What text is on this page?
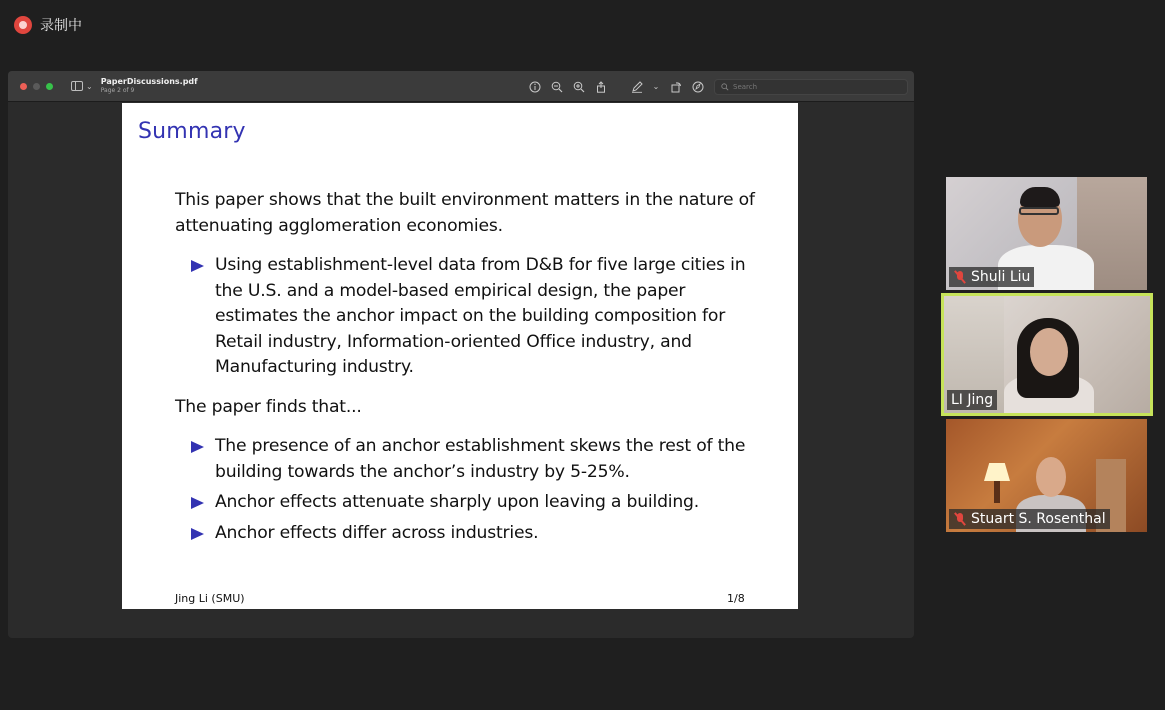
录制中
⌄ PaperDiscussions.pdf
Page 2 of 9	⌄
Search
Summary

This paper shows that the built environment matters in the nature of attenuating agglomeration economies.

Using establishment-level data from D&B for five large cities in the U.S. and a model-based empirical design, the paper estimates the anchor impact on the building composition for Retail industry, Information-oriented Office industry, and Manufacturing industry.

The paper finds that...

The presence of an anchor establishment skews the rest of the building towards the anchor’s industry by 5-25%.
Anchor effects attenuate sharply upon leaving a building.
Anchor effects differ across industries.
Jing Li (SMU)	1/8
Shuli Liu
LI Jing
Stuart S. Rosenthal
